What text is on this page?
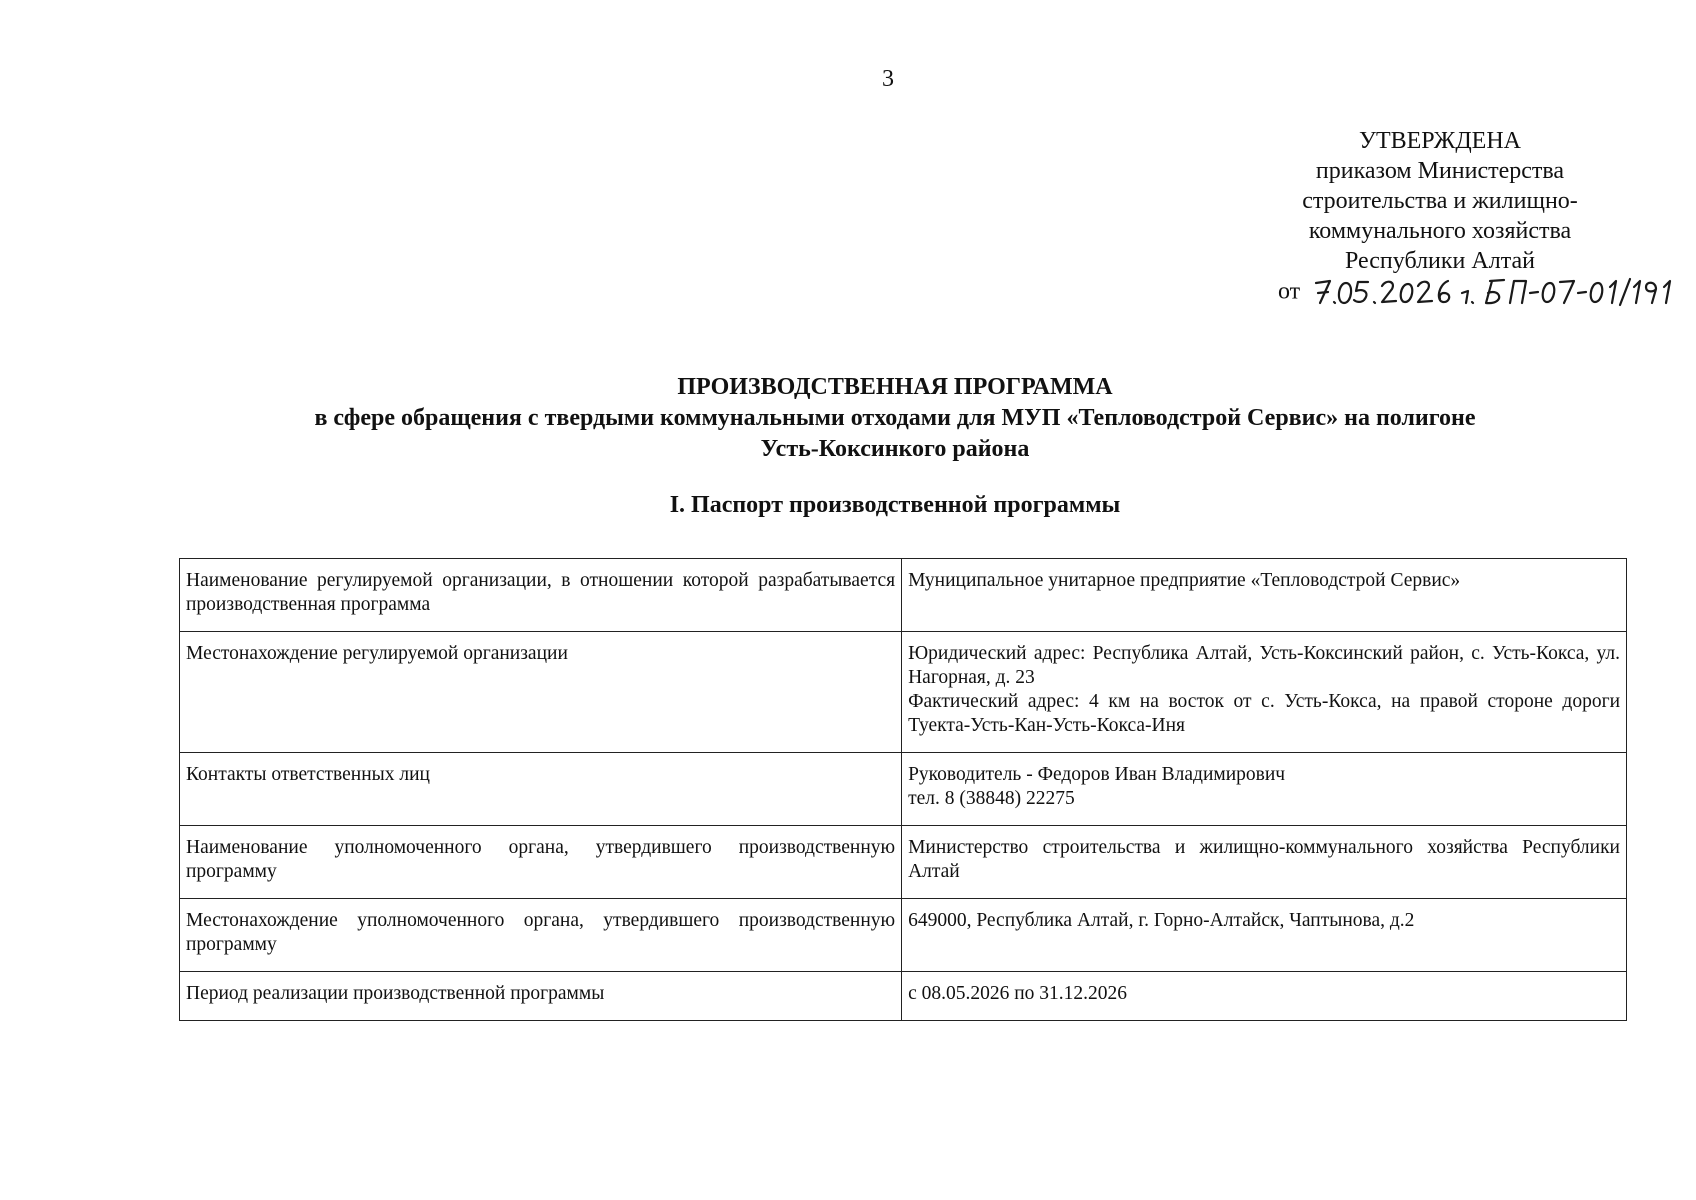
3
УТВЕРЖДЕНА
приказом Министерства
строительства и жилищно-
коммунального хозяйства
Республики Алтай
от
ПРОИЗВОДСТВЕННАЯ ПРОГРАММА
в сфере обращения с твердыми коммунальными отходами для МУП «Тепловодстрой Сервис» на полигоне
Усть-Коксинкого района
I. Паспорт производственной программы
Наименование регулируемой организации, в отношении которой разрабатывается производственная программа	Муниципальное унитарное предприятие «Тепловодстрой Сервис»

Местонахождение регулируемой организации	Юридический адрес: Республика Алтай, Усть-Коксинский район, с. Усть-Кокса, ул. Нагорная, д. 23
Фактический адрес: 4 км на восток от с. Усть-Кокса, на правой стороне дороги Туекта-Усть-Кан-Усть-Кокса-Иня

Контакты ответственных лиц	Руководитель - Федоров Иван Владимирович
тел. 8 (38848) 22275

Наименование уполномоченного органа, утвердившего производственную программу	Министерство строительства и жилищно-коммунального хозяйства Республики Алтай

Местонахождение уполномоченного органа, утвердившего производственную программу	649000, Республика Алтай, г. Горно-Алтайск, Чаптынова, д.2

Период реализации производственной программы	с 08.05.2026 по 31.12.2026
